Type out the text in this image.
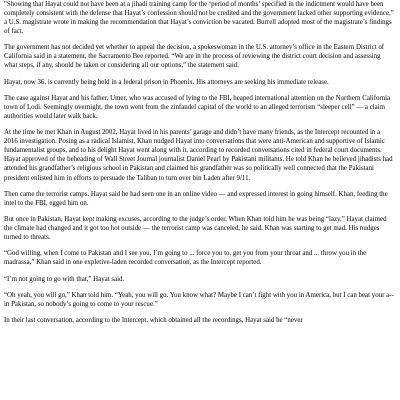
"Showing that Hayat could not have been at a jihadi training camp for the ‘period of months’ specified in the indictment would have been completely consistent with the defense that Hayat’s confession should not be credited and the government lacked other supporting evidence,” a U.S. magistrate wrote in making the recommendation that Hayat’s conviction be vacated. Burrell adopted most of the magistrate’s findings of fact.

The government has not decided yet whether to appeal the decision, a spokeswoman in the U.S. attorney’s office in the Eastern District of California said in a statement, the Sacramento Bee reported. “We are in the process of reviewing the district court decision and assessing what steps, if any, should be taken or considering all our options,” the statement said.

Hayat, now 36, is currently being held in a federal prison in Phoenix. His attorneys are seeking his immediate release.

The case against Hayat and his father, Umer, who was accused of lying to the FBI, heaped international attention on the Northern California town of Lodi. Seemingly overnight, the town went from the zinfandel capital of the world to an alleged terrorism “sleeper cell” — a claim authorities would later walk back.

At the time he met Khan in August 2002, Hayat lived in his parents’ garage and didn’t have many friends, as the Intercept recounted in a 2016 investigation. Posing as a radical Islamist, Khan nudged Hayat into conversations that were anti-American and supportive of Islamic fundamentalist groups, and to his delight Hayat went along with it, according to recorded conversations cited in federal court documents. Hayat approved of the beheading of Wall Street Journal journalist Daniel Pearl by Pakistani militants. He told Khan he believed jihadists had attended his grandfather’s religious school in Pakistan and claimed his grandfather was so politically well connected that the Pakistani president enlisted him in efforts to persuade the Taliban to turn over bin Laden after 9/11.

Then came the terrorist camps. Hayat said he had seen one in an online video — and expressed interest in going himself. Khan, feeding the intel to the FBI, egged him on.

But once in Pakistan, Hayat kept making excuses, according to the judge’s order. When Khan told him he was being “lazy,” Hayat claimed the climate had changed and it got too hot outside — the terrorist camp was canceled, he said. Khan was starting to get mad. His nudges turned to threats.

“God willing, when I come to Pakistan and I see you, I’m going to ... force you to, get you from your throat and ... throw you in the madrassa,” Khan said in one expletive-laden recorded conversation, as the Intercept reported.

“I’m not going to go with that,” Hayat said.

“Oh yeah, you will go,” Khan told him. “Yeah, you will go. You know what? Maybe I can’t fight with you in America, but I can beat your a-- in Pakistan, so nobody’s going to come to your rescue.”

In their last conversation, according to the Intercept, which obtained all the recordings, Hayat said he “never
